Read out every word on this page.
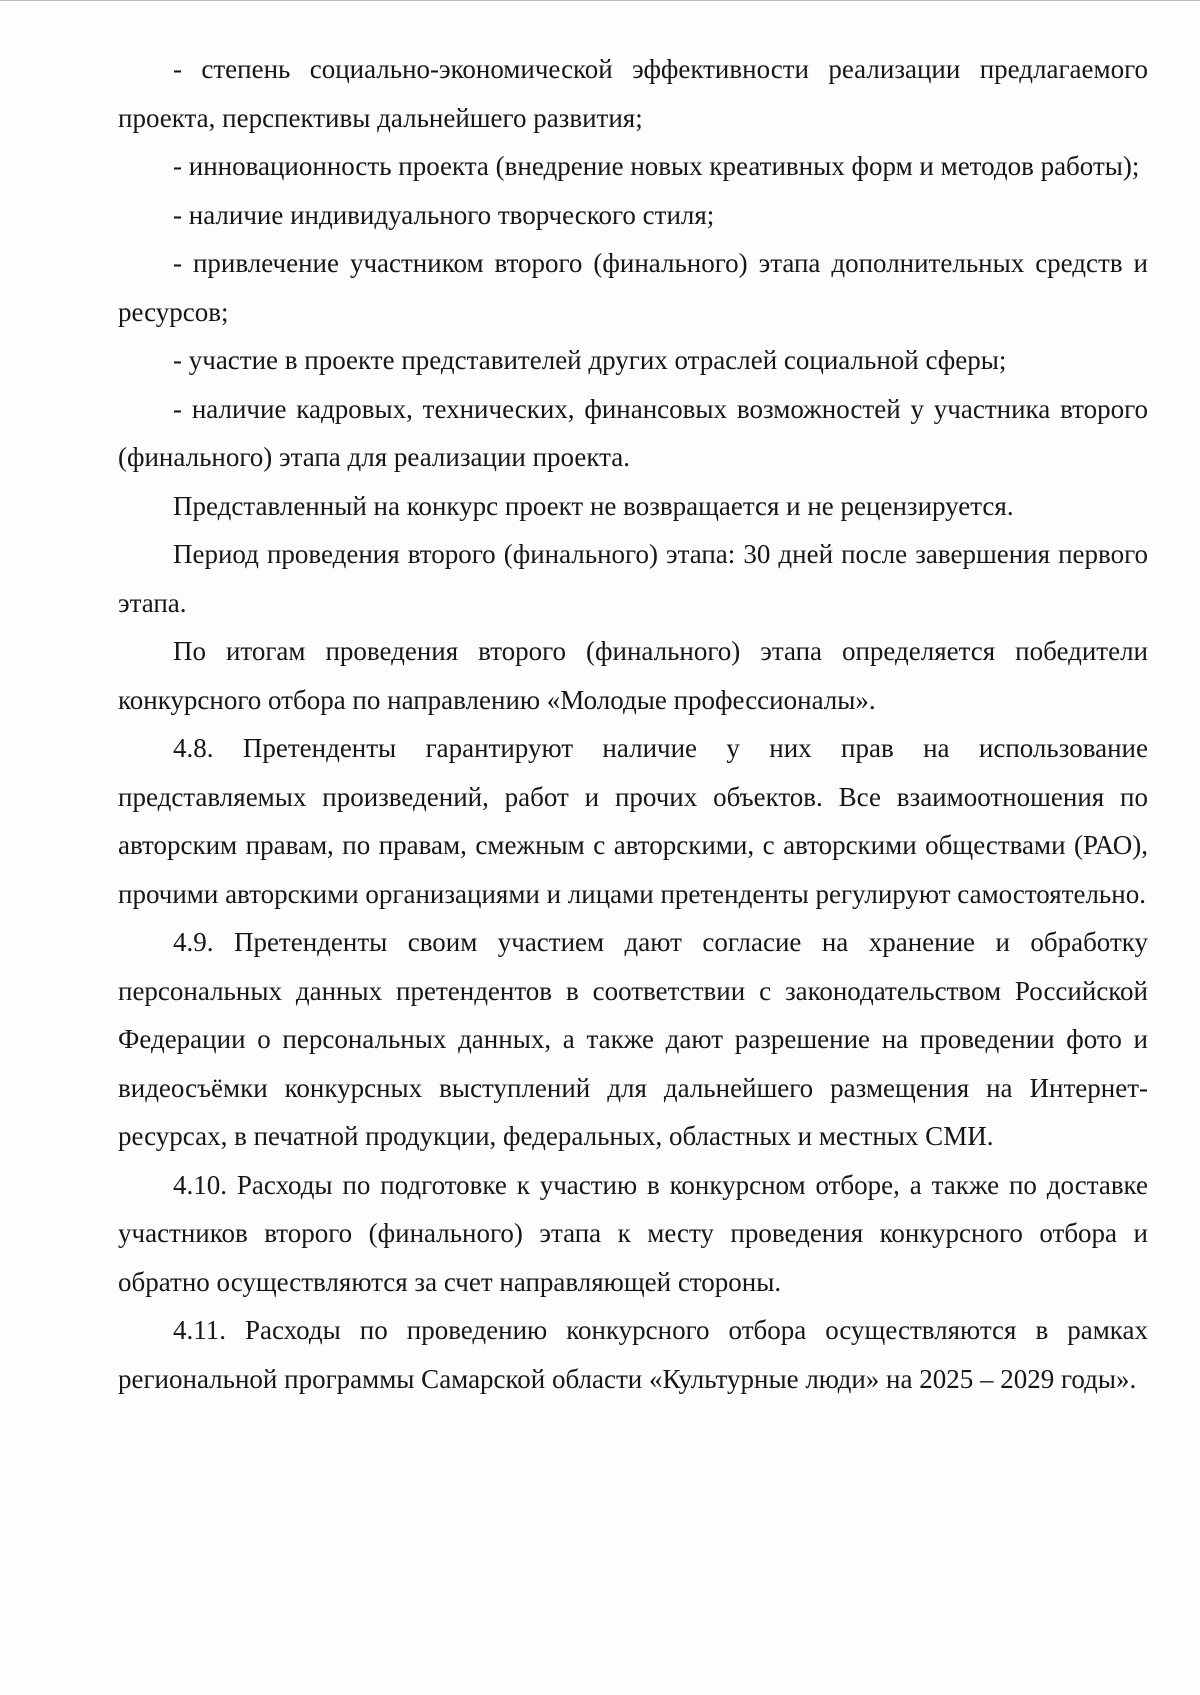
- степень социально-экономической эффективности реализации предлагаемого проекта, перспективы дальнейшего развития;

- инновационность проекта (внедрение новых креативных форм и методов работы);

- наличие индивидуального творческого стиля;

- привлечение участником второго (финального) этапа дополнительных средств и ресурсов;

- участие в проекте представителей других отраслей социальной сферы;

- наличие кадровых, технических, финансовых возможностей у участника второго (финального) этапа для реализации проекта.

Представленный на конкурс проект не возвращается и не рецензируется.

Период проведения второго (финального) этапа: 30 дней после завершения первого этапа.

По итогам проведения второго (финального) этапа определяется победители конкурсного отбора по направлению «Молодые профессионалы».

4.8. Претенденты гарантируют наличие у них прав на использование представляемых произведений, работ и прочих объектов. Все взаимоотношения по авторским правам, по правам, смежным с авторскими, с авторскими обществами (РАО), прочими авторскими организациями и лицами претенденты регулируют самостоятельно.

4.9. Претенденты своим участием дают согласие на хранение и обработку персональных данных претендентов в соответствии с законодательством Российской Федерации о персональных данных, а также дают разрешение на проведении фото и видеосъёмки конкурсных выступлений для дальнейшего размещения на Интернет-ресурсах, в печатной продукции, федеральных, областных и местных СМИ.

4.10. Расходы по подготовке к участию в конкурсном отборе, а также по доставке участников второго (финального) этапа к месту проведения конкурсного отбора и обратно осуществляются за счет направляющей стороны.

4.11. Расходы по проведению конкурсного отбора осуществляются в рамках региональной программы Самарской области «Культурные люди» на 2025 – 2029 годы».
